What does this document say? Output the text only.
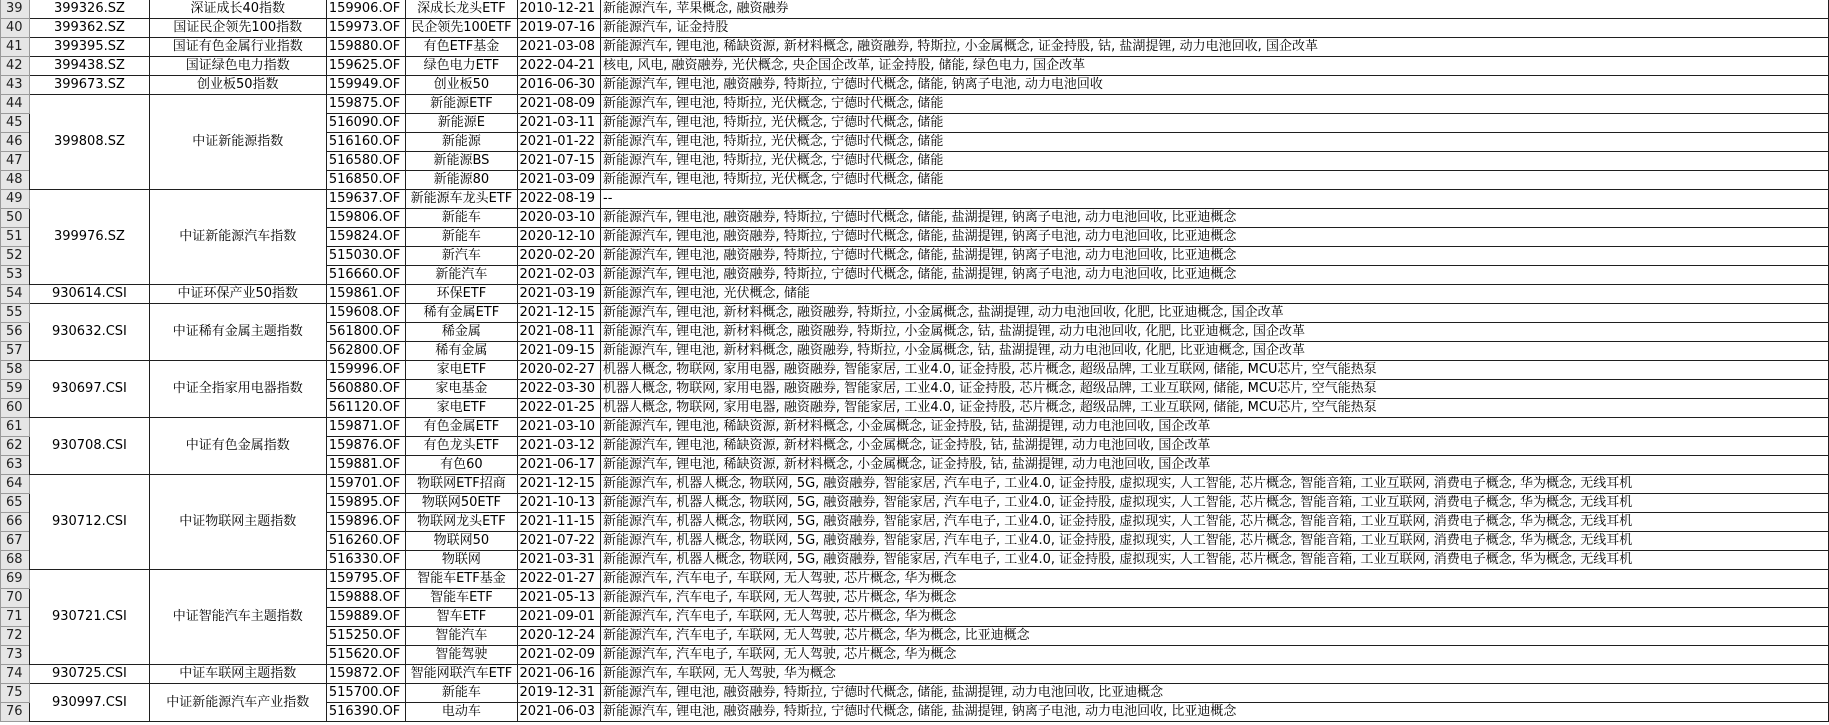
39	399326.SZ	深证成长40指数	159906.OF	深成长龙头ETF	2010-12-21	新能源汽车, 苹果概念, 融资融券
40	399362.SZ	国证民企领先100指数	159973.OF	民企领先100ETF	2019-07-16	新能源汽车, 证金持股
41	399395.SZ	国证有色金属行业指数	159880.OF	有色ETF基金	2021-03-08	新能源汽车, 锂电池, 稀缺资源, 新材料概念, 融资融券, 特斯拉, 小金属概念, 证金持股, 钴, 盐湖提锂, 动力电池回收, 国企改革
42	399438.SZ	国证绿色电力指数	159625.OF	绿色电力ETF	2022-04-21	核电, 风电, 融资融券, 光伏概念, 央企国企改革, 证金持股, 储能, 绿色电力, 国企改革
43	399673.SZ	创业板50指数	159949.OF	创业板50	2016-06-30	新能源汽车, 锂电池, 融资融券, 特斯拉, 宁德时代概念, 储能, 钠离子电池, 动力电池回收
44	399808.SZ	中证新能源指数	159875.OF	新能源ETF	2021-08-09	新能源汽车, 锂电池, 特斯拉, 光伏概念, 宁德时代概念, 储能
45			516090.OF	新能源E	2021-03-11	新能源汽车, 锂电池, 特斯拉, 光伏概念, 宁德时代概念, 储能
46			516160.OF	新能源	2021-01-22	新能源汽车, 锂电池, 特斯拉, 光伏概念, 宁德时代概念, 储能
47			516580.OF	新能源BS	2021-07-15	新能源汽车, 锂电池, 特斯拉, 光伏概念, 宁德时代概念, 储能
48			516850.OF	新能源80	2021-03-09	新能源汽车, 锂电池, 特斯拉, 光伏概念, 宁德时代概念, 储能
49	399976.SZ	中证新能源汽车指数	159637.OF	新能源车龙头ETF	2022-08-19	--
50			159806.OF	新能车	2020-03-10	新能源汽车, 锂电池, 融资融券, 特斯拉, 宁德时代概念, 储能, 盐湖提锂, 钠离子电池, 动力电池回收, 比亚迪概念
51			159824.OF	新能车	2020-12-10	新能源汽车, 锂电池, 融资融券, 特斯拉, 宁德时代概念, 储能, 盐湖提锂, 钠离子电池, 动力电池回收, 比亚迪概念
52			515030.OF	新汽车	2020-02-20	新能源汽车, 锂电池, 融资融券, 特斯拉, 宁德时代概念, 储能, 盐湖提锂, 钠离子电池, 动力电池回收, 比亚迪概念
53			516660.OF	新能汽车	2021-02-03	新能源汽车, 锂电池, 融资融券, 特斯拉, 宁德时代概念, 储能, 盐湖提锂, 钠离子电池, 动力电池回收, 比亚迪概念
54	930614.CSI	中证环保产业50指数	159861.OF	环保ETF	2021-03-19	新能源汽车, 锂电池, 光伏概念, 储能
55	930632.CSI	中证稀有金属主题指数	159608.OF	稀有金属ETF	2021-12-15	新能源汽车, 锂电池, 新材料概念, 融资融券, 特斯拉, 小金属概念, 盐湖提锂, 动力电池回收, 化肥, 比亚迪概念, 国企改革
56			561800.OF	稀金属	2021-08-11	新能源汽车, 锂电池, 新材料概念, 融资融券, 特斯拉, 小金属概念, 钴, 盐湖提锂, 动力电池回收, 化肥, 比亚迪概念, 国企改革
57			562800.OF	稀有金属	2021-09-15	新能源汽车, 锂电池, 新材料概念, 融资融券, 特斯拉, 小金属概念, 钴, 盐湖提锂, 动力电池回收, 化肥, 比亚迪概念, 国企改革
58	930697.CSI	中证全指家用电器指数	159996.OF	家电ETF	2020-02-27	机器人概念, 物联网, 家用电器, 融资融券, 智能家居, 工业4.0, 证金持股, 芯片概念, 超级品牌, 工业互联网, 储能, MCU芯片, 空气能热泵
59			560880.OF	家电基金	2022-03-30	机器人概念, 物联网, 家用电器, 融资融券, 智能家居, 工业4.0, 证金持股, 芯片概念, 超级品牌, 工业互联网, 储能, MCU芯片, 空气能热泵
60			561120.OF	家电ETF	2022-01-25	机器人概念, 物联网, 家用电器, 融资融券, 智能家居, 工业4.0, 证金持股, 芯片概念, 超级品牌, 工业互联网, 储能, MCU芯片, 空气能热泵
61	930708.CSI	中证有色金属指数	159871.OF	有色金属ETF	2021-03-10	新能源汽车, 锂电池, 稀缺资源, 新材料概念, 小金属概念, 证金持股, 钴, 盐湖提锂, 动力电池回收, 国企改革
62			159876.OF	有色龙头ETF	2021-03-12	新能源汽车, 锂电池, 稀缺资源, 新材料概念, 小金属概念, 证金持股, 钴, 盐湖提锂, 动力电池回收, 国企改革
63			159881.OF	有色60	2021-06-17	新能源汽车, 锂电池, 稀缺资源, 新材料概念, 小金属概念, 证金持股, 钴, 盐湖提锂, 动力电池回收, 国企改革
64	930712.CSI	中证物联网主题指数	159701.OF	物联网ETF招商	2021-12-15	新能源汽车, 机器人概念, 物联网, 5G, 融资融券, 智能家居, 汽车电子, 工业4.0, 证金持股, 虚拟现实, 人工智能, 芯片概念, 智能音箱, 工业互联网, 消费电子概念, 华为概念, 无线耳机
65			159895.OF	物联网50ETF	2021-10-13	新能源汽车, 机器人概念, 物联网, 5G, 融资融券, 智能家居, 汽车电子, 工业4.0, 证金持股, 虚拟现实, 人工智能, 芯片概念, 智能音箱, 工业互联网, 消费电子概念, 华为概念, 无线耳机
66			159896.OF	物联网龙头ETF	2021-11-15	新能源汽车, 机器人概念, 物联网, 5G, 融资融券, 智能家居, 汽车电子, 工业4.0, 证金持股, 虚拟现实, 人工智能, 芯片概念, 智能音箱, 工业互联网, 消费电子概念, 华为概念, 无线耳机
67			516260.OF	物联网50	2021-07-22	新能源汽车, 机器人概念, 物联网, 5G, 融资融券, 智能家居, 汽车电子, 工业4.0, 证金持股, 虚拟现实, 人工智能, 芯片概念, 智能音箱, 工业互联网, 消费电子概念, 华为概念, 无线耳机
68			516330.OF	物联网	2021-03-31	新能源汽车, 机器人概念, 物联网, 5G, 融资融券, 智能家居, 汽车电子, 工业4.0, 证金持股, 虚拟现实, 人工智能, 芯片概念, 智能音箱, 工业互联网, 消费电子概念, 华为概念, 无线耳机
69	930721.CSI	中证智能汽车主题指数	159795.OF	智能车ETF基金	2022-01-27	新能源汽车, 汽车电子, 车联网, 无人驾驶, 芯片概念, 华为概念
70			159888.OF	智能车ETF	2021-05-13	新能源汽车, 汽车电子, 车联网, 无人驾驶, 芯片概念, 华为概念
71			159889.OF	智车ETF	2021-09-01	新能源汽车, 汽车电子, 车联网, 无人驾驶, 芯片概念, 华为概念
72			515250.OF	智能汽车	2020-12-24	新能源汽车, 汽车电子, 车联网, 无人驾驶, 芯片概念, 华为概念, 比亚迪概念
73			515620.OF	智能驾驶	2021-02-09	新能源汽车, 汽车电子, 车联网, 无人驾驶, 芯片概念, 华为概念
74	930725.CSI	中证车联网主题指数	159872.OF	智能网联汽车ETF	2021-06-16	新能源汽车, 车联网, 无人驾驶, 华为概念
75	930997.CSI	中证新能源汽车产业指数	515700.OF	新能车	2019-12-31	新能源汽车, 锂电池, 融资融券, 特斯拉, 宁德时代概念, 储能, 盐湖提锂, 动力电池回收, 比亚迪概念
76			516390.OF	电动车	2021-06-03	新能源汽车, 锂电池, 融资融券, 特斯拉, 宁德时代概念, 储能, 盐湖提锂, 钠离子电池, 动力电池回收, 比亚迪概念
